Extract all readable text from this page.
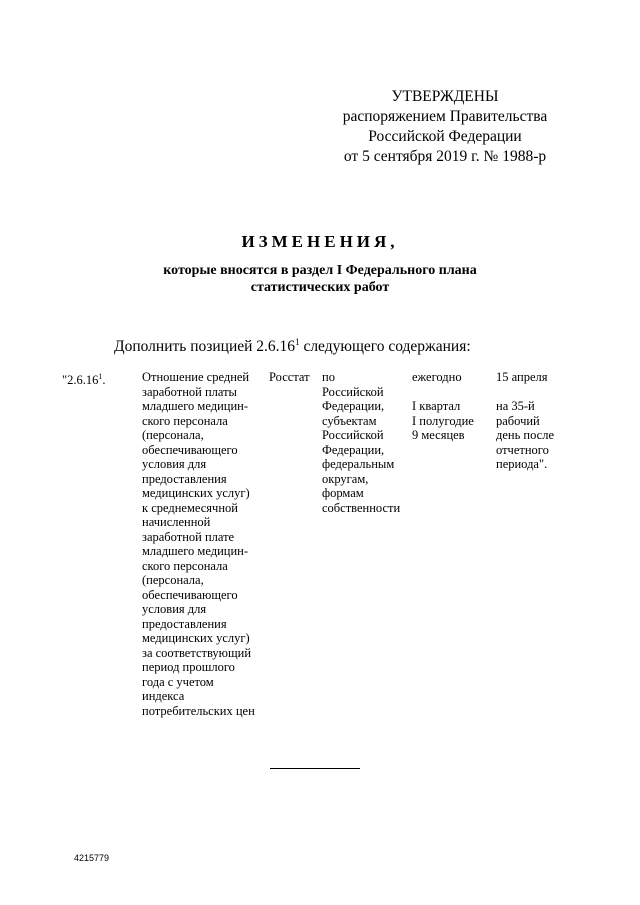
УТВЕРЖДЕНЫ
распоряжением Правительства
Российской Федерации
от 5 сентября 2019 г. № 1988-р
ИЗМЕНЕНИЯ,
которые вносятся в раздел I Федерального плана
статистических работ
Дополнить позицией 2.6.16$^1$ следующего содержания:
"2.6.16$^1$.	Отношение средней
заработной платы
младшего медицин-
ского персонала
(персонала,
обеспечивающего
условия для
предоставления
медицинских услуг)
к среднемесячной
начисленной
заработной плате
младшего медицин-
ского персонала
(персонала,
обеспечивающего
условия для
предоставления
медицинских услуг)
за соответствующий
период прошлого
года с учетом
индекса
потребительских цен
Росстат по
Российской
Федерации,
субъектам
Российской
Федерации,
федеральным
округам,
формам
собственности
ежегодно
I квартал
I полугодие
9 месяцев
15 апреля
на 35-й
рабочий
день после
отчетного
периода".
4215779
